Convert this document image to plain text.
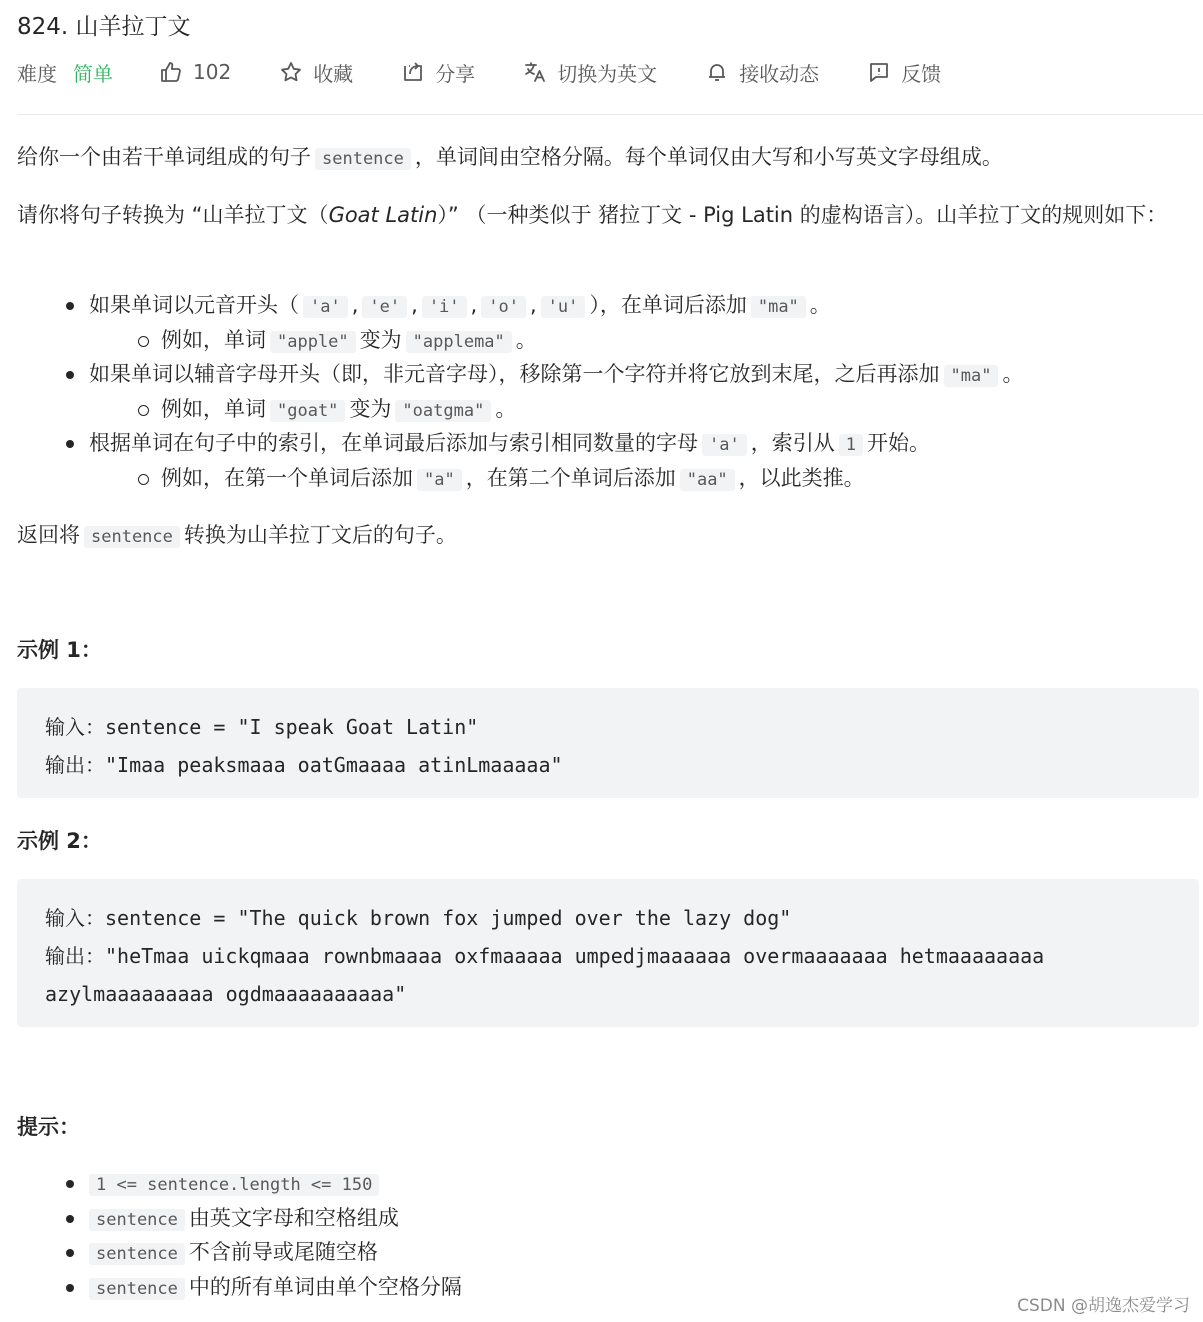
824. 山羊拉丁文
难度 简单	102	收藏	分享	切换为英文	接收动态	反馈

给你一个由若干单词组成的句子 sentence ，单词间由空格分隔。每个单词仅由大写和小写英文字母组成。

请你将句子转换为 “山羊拉丁文（Goat Latin）” （一种类似于 猪拉丁文 - Pig Latin 的虚构语言）。山羊拉丁文的规则如下：

如果单词以元音开头（ 'a' , 'e' , 'i' , 'o' , 'u' ），在单词后添加 "ma" 。
例如，单词 "apple" 变为 "applema" 。
如果单词以辅音字母开头（即，非元音字母），移除第一个字符并将它放到末尾，之后再添加 "ma" 。
例如，单词 "goat" 变为 "oatgma" 。
根据单词在句子中的索引，在单词最后添加与索引相同数量的字母 'a' ，索引从 1 开始。
例如，在第一个单词后添加 "a" ，在第二个单词后添加 "aa" ，以此类推。

返回将 sentence 转换为山羊拉丁文后的句子。

示例 1：
输入：sentence = "I speak Goat Latin"
输出："Imaa peaksmaaa oatGmaaaa atinLmaaaaa"
示例 2：
输入：sentence = "The quick brown fox jumped over the lazy dog"
输出："heTmaa uickqmaaa rownbmaaaa oxfmaaaaa umpedjmaaaaaa overmaaaaaaa hetmaaaaaaaa azylmaaaaaaaaa ogdmaaaaaaaaaa"
提示：
1 <= sentence.length <= 150
sentence 由英文字母和空格组成
sentence 不含前导或尾随空格
sentence 中的所有单词由单个空格分隔
CSDN @胡逸杰爱学习
